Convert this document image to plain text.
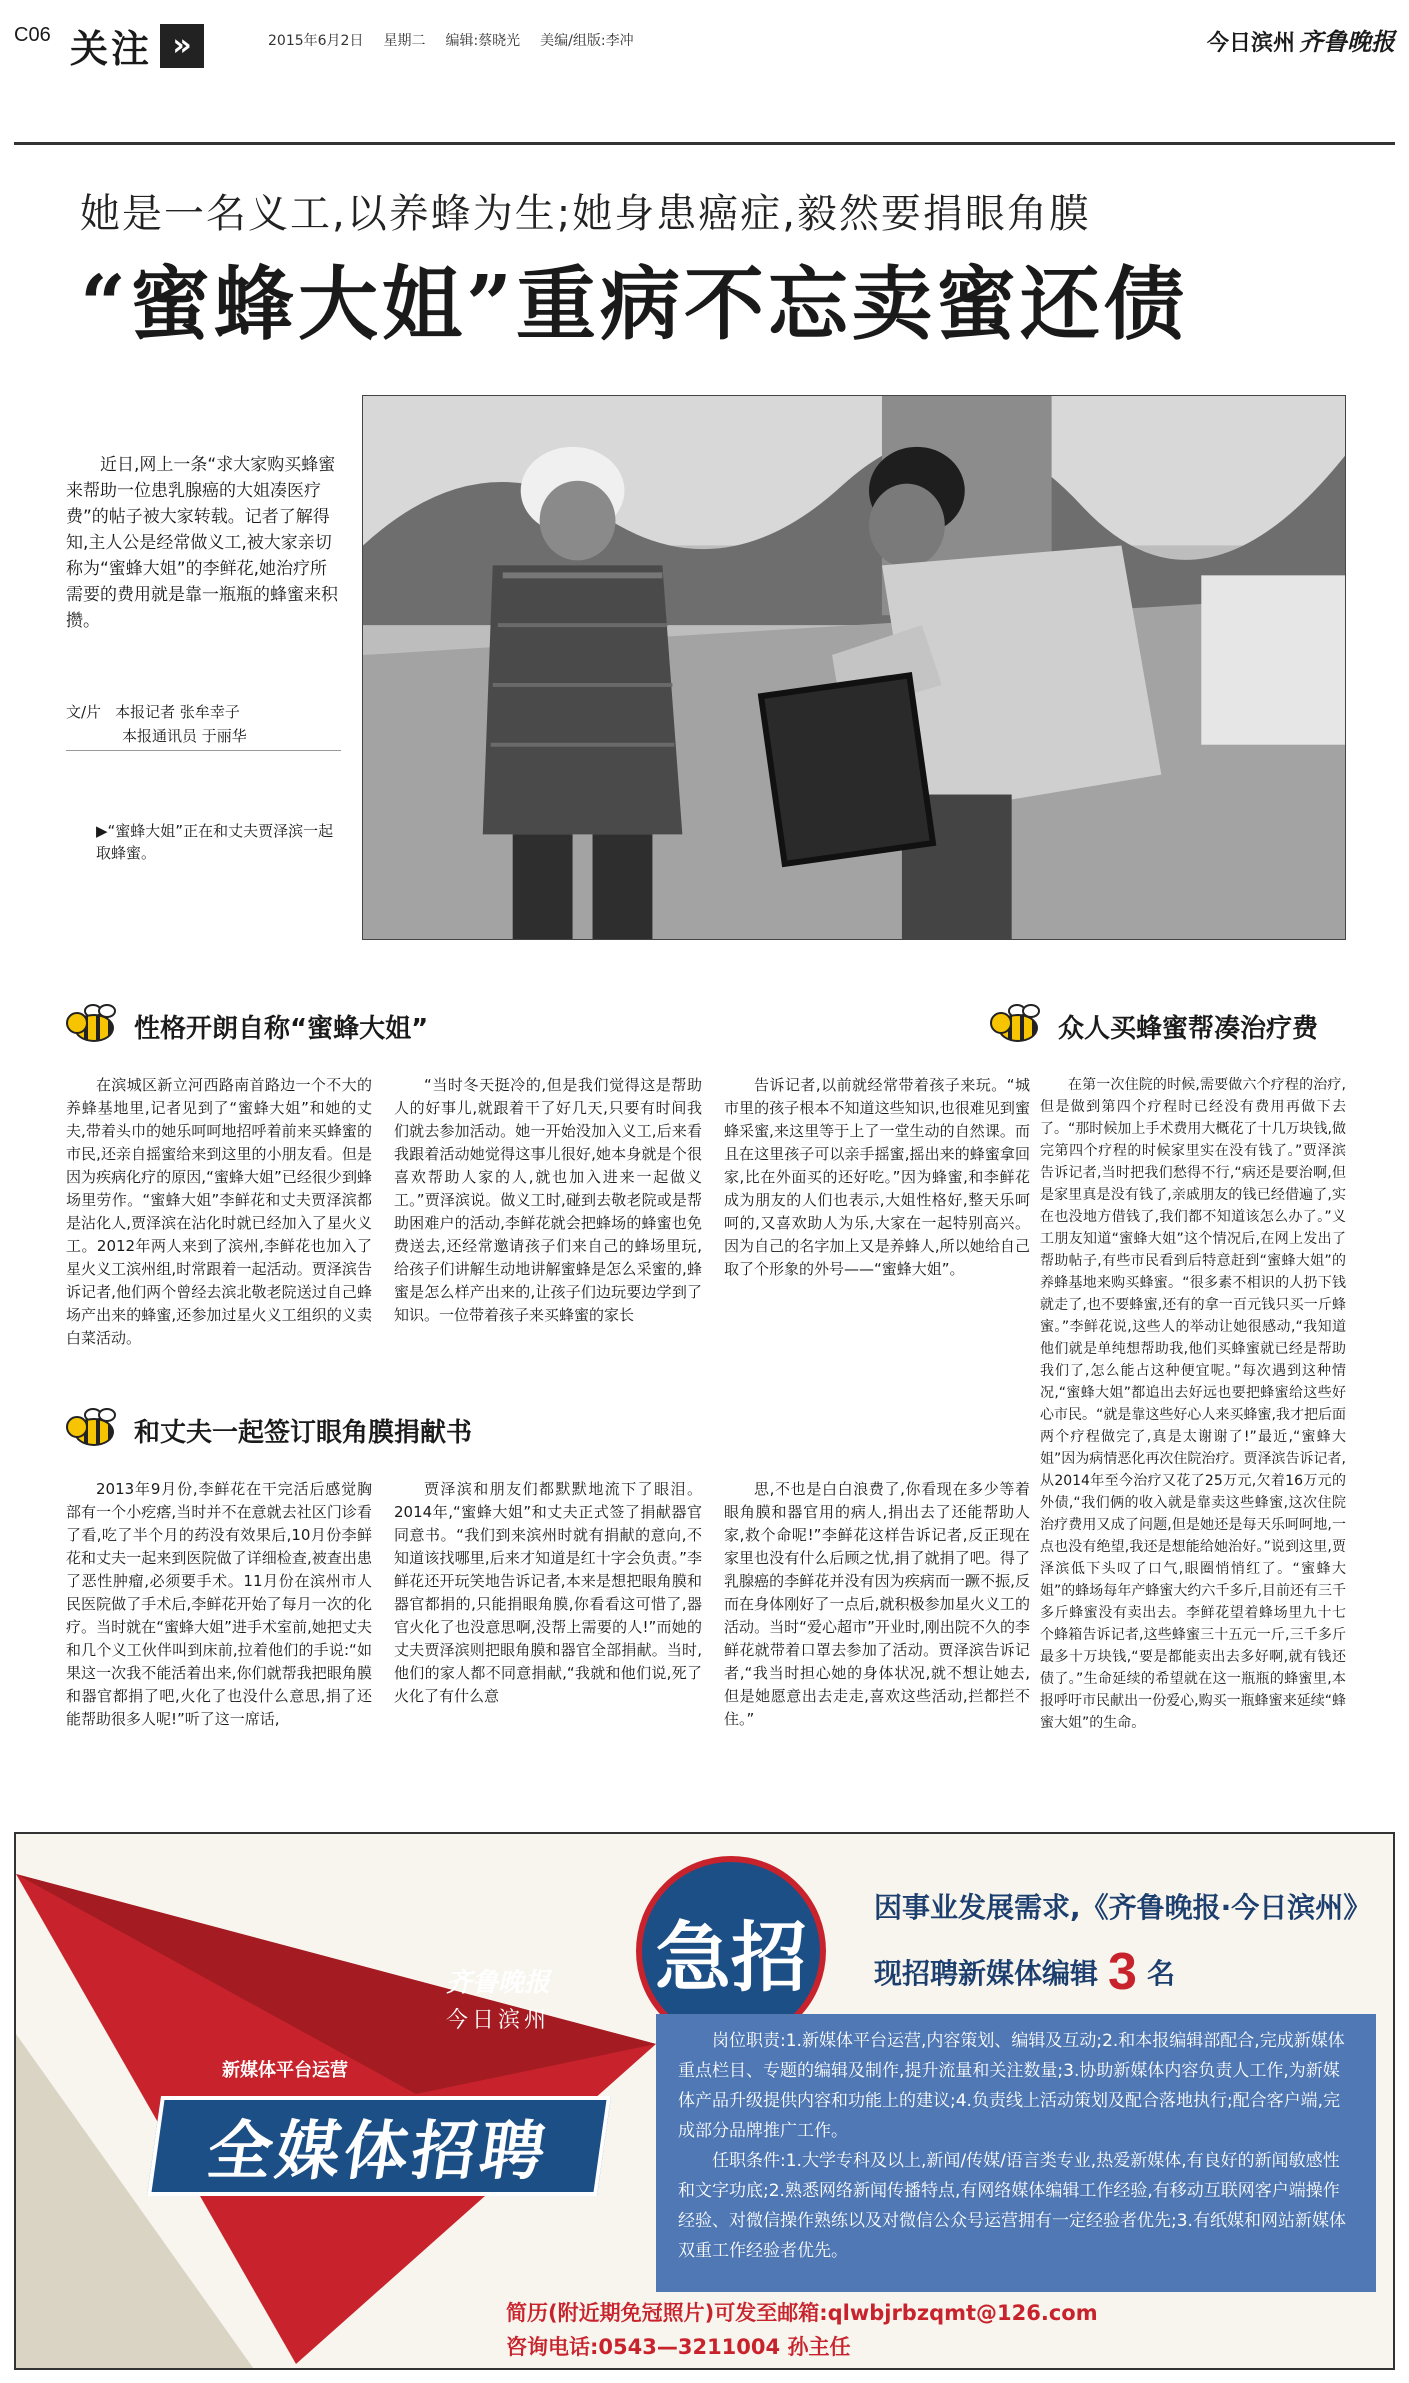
C06 关注 »	2015年6月2日 星期二 编辑:蔡晓光 美编/组版:李冲	今日滨州 齐鲁晚报
她是一名义工,以养蜂为生;她身患癌症,毅然要捐眼角膜
“蜜蜂大姐”重病不忘卖蜜还债
近日,网上一条“求大家购买蜂蜜来帮助一位患乳腺癌的大姐凑医疗费”的帖子被大家转载。记者了解得知,主人公是经常做义工,被大家亲切称为“蜜蜂大姐”的李鲜花,她治疗所需要的费用就是靠一瓶瓶的蜂蜜来积攒。
文/片 本报记者 张牟幸子
本报通讯员 于丽华
▶“蜜蜂大姐”正在和丈夫贾泽滨一起取蜂蜜。
性格开朗自称“蜜蜂大姐”

在滨城区新立河西路南首路边一个不大的养蜂基地里,记者见到了“蜜蜂大姐”和她的丈夫,带着头巾的她乐呵呵地招呼着前来买蜂蜜的市民,还亲自摇蜜给来到这里的小朋友看。但是因为疾病化疗的原因,“蜜蜂大姐”已经很少到蜂场里劳作。“蜜蜂大姐”李鲜花和丈夫贾泽滨都是沾化人,贾泽滨在沾化时就已经加入了星火义工。2012年两人来到了滨州,李鲜花也加入了星火义工滨州组,时常跟着一起活动。贾泽滨告诉记者,他们两个曾经去滨北敬老院送过自己蜂场产出来的蜂蜜,还参加过星火义工组织的义卖白菜活动。

“当时冬天挺冷的,但是我们觉得这是帮助人的好事儿,就跟着干了好几天,只要有时间我们就去参加活动。她一开始没加入义工,后来看我跟着活动她觉得这事儿很好,她本身就是个很喜欢帮助人家的人,就也加入进来一起做义工。”贾泽滨说。做义工时,碰到去敬老院或是帮助困难户的活动,李鲜花就会把蜂场的蜂蜜也免费送去,还经常邀请孩子们来自己的蜂场里玩,给孩子们讲解生动地讲解蜜蜂是怎么采蜜的,蜂蜜是怎么样产出来的,让孩子们边玩要边学到了知识。一位带着孩子来买蜂蜜的家长

告诉记者,以前就经常带着孩子来玩。“城市里的孩子根本不知道这些知识,也很难见到蜜蜂采蜜,来这里等于上了一堂生动的自然课。而且在这里孩子可以亲手摇蜜,摇出来的蜂蜜拿回家,比在外面买的还好吃。”因为蜂蜜,和李鲜花成为朋友的人们也表示,大姐性格好,整天乐呵呵的,又喜欢助人为乐,大家在一起特别高兴。因为自己的名字加上又是养蜂人,所以她给自己取了个形象的外号——“蜜蜂大姐”。

和丈夫一起签订眼角膜捐献书

2013年9月份,李鲜花在干完活后感觉胸部有一个小疙瘩,当时并不在意就去社区门诊看了看,吃了半个月的药没有效果后,10月份李鲜花和丈夫一起来到医院做了详细检查,被查出患了恶性肿瘤,必须要手术。11月份在滨州市人民医院做了手术后,李鲜花开始了每月一次的化疗。当时就在“蜜蜂大姐”进手术室前,她把丈夫和几个义工伙伴叫到床前,拉着他们的手说:“如果这一次我不能活着出来,你们就帮我把眼角膜和器官都捐了吧,火化了也没什么意思,捐了还能帮助很多人呢!”听了这一席话,

贾泽滨和朋友们都默默地流下了眼泪。2014年,“蜜蜂大姐”和丈夫正式签了捐献器官同意书。“我们到来滨州时就有捐献的意向,不知道该找哪里,后来才知道是红十字会负责。”李鲜花还开玩笑地告诉记者,本来是想把眼角膜和器官都捐的,只能捐眼角膜,你看看这可惜了,器官火化了也没意思啊,没帮上需要的人!”而她的丈夫贾泽滨则把眼角膜和器官全部捐献。当时,他们的家人都不同意捐献,“我就和他们说,死了火化了有什么意

思,不也是白白浪费了,你看现在多少等着眼角膜和器官用的病人,捐出去了还能帮助人家,救个命呢!”李鲜花这样告诉记者,反正现在家里也没有什么后顾之忧,捐了就捐了吧。得了乳腺癌的李鲜花并没有因为疾病而一蹶不振,反而在身体刚好了一点后,就积极参加星火义工的活动。当时“爱心超市”开业时,刚出院不久的李鲜花就带着口罩去参加了活动。贾泽滨告诉记者,“我当时担心她的身体状况,就不想让她去,但是她愿意出去走走,喜欢这些活动,拦都拦不住。”

众人买蜂蜜帮凑治疗费

在第一次住院的时候,需要做六个疗程的治疗,但是做到第四个疗程时已经没有费用再做下去了。“那时候加上手术费用大概花了十几万块钱,做完第四个疗程的时候家里实在没有钱了。”贾泽滨告诉记者,当时把我们愁得不行,“病还是要治啊,但是家里真是没有钱了,亲戚朋友的钱已经借遍了,实在也没地方借钱了,我们都不知道该怎么办了。”义工朋友知道“蜜蜂大姐”这个情况后,在网上发出了帮助帖子,有些市民看到后特意赶到“蜜蜂大姐”的养蜂基地来购买蜂蜜。“很多素不相识的人扔下钱就走了,也不要蜂蜜,还有的拿一百元钱只买一斤蜂蜜。”李鲜花说,这些人的举动让她很感动,“我知道他们就是单纯想帮助我,他们买蜂蜜就已经是帮助我们了,怎么能占这种便宜呢。”每次遇到这种情况,“蜜蜂大姐”都追出去好远也要把蜂蜜给这些好心市民。“就是靠这些好心人来买蜂蜜,我才把后面两个疗程做完了,真是太谢谢了!”最近,“蜜蜂大姐”因为病情恶化再次住院治疗。贾泽滨告诉记者,从2014年至今治疗又花了25万元,欠着16万元的外债,“我们俩的收入就是靠卖这些蜂蜜,这次住院治疗费用又成了问题,但是她还是每天乐呵呵地,一点也没有绝望,我还是想能给她治好。”说到这里,贾泽滨低下头叹了口气,眼圈悄悄红了。“蜜蜂大姐”的蜂场每年产蜂蜜大约六千多斤,目前还有三千多斤蜂蜜没有卖出去。李鲜花望着蜂场里九十七个蜂箱告诉记者,这些蜂蜜三十五元一斤,三千多斤最多十万块钱,“要是都能卖出去多好啊,就有钱还债了。”生命延续的希望就在这一瓶瓶的蜂蜜里,本报呼吁市民献出一份爱心,购买一瓶蜂蜜来延续“蜂蜜大姐”的生命。

急招
因事业发展需求,《齐鲁晚报·今日滨州》
现招聘新媒体编辑 3 名
齐鲁晚报
今日滨州
新媒体平台运营
全媒体招聘

岗位职责:1.新媒体平台运营,内容策划、编辑及互动;2.和本报编辑部配合,完成新媒体重点栏目、专题的编辑及制作,提升流量和关注数量;3.协助新媒体内容负责人工作,为新媒体产品升级提供内容和功能上的建议;4.负责线上活动策划及配合落地执行;配合客户端,完成部分品牌推广工作。

任职条件:1.大学专科及以上,新闻/传媒/语言类专业,热爱新媒体,有良好的新闻敏感性和文字功底;2.熟悉网络新闻传播特点,有网络媒体编辑工作经验,有移动互联网客户端操作经验、对微信操作熟练以及对微信公众号运营拥有一定经验者优先;3.有纸媒和网站新媒体双重工作经验者优先。

简历(附近期免冠照片)可发至邮箱:qlwbjrbzqmt@126.com
咨询电话:0543—3211004 孙主任
